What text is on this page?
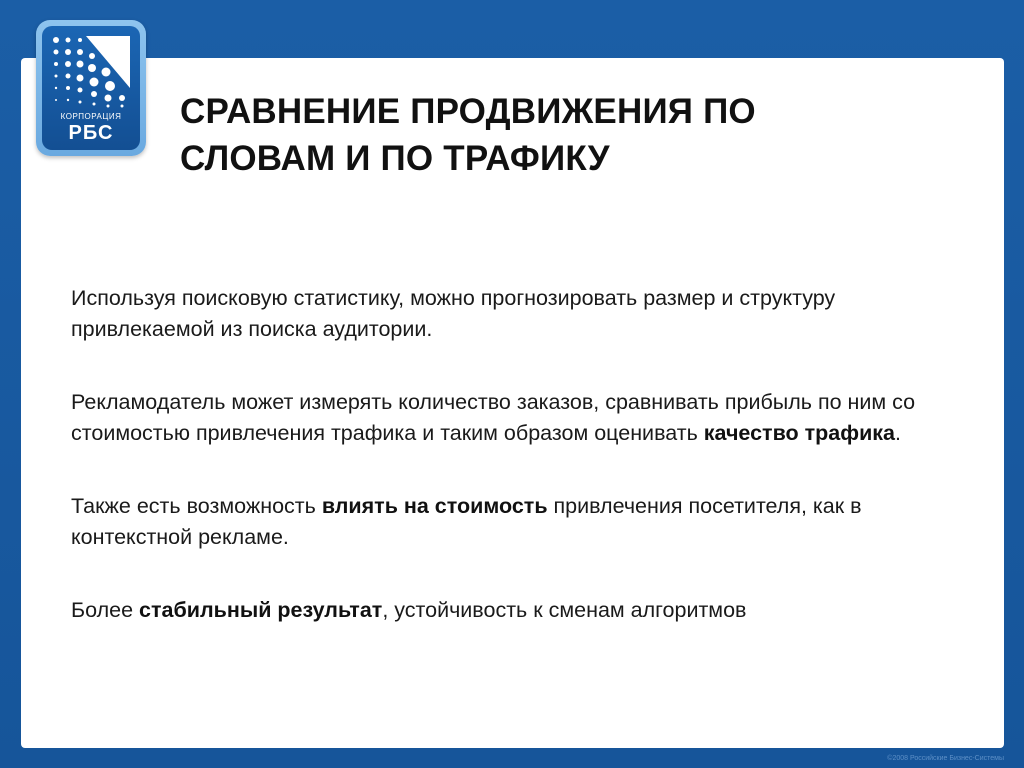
КОРПОРАЦИЯ
РБС
СРАВНЕНИЕ ПРОДВИЖЕНИЯ ПО
СЛОВАМ И ПО ТРАФИКУ

Используя поисковую статистику, можно прогнозировать размер и структуру привлекаемой из поиска аудитории.

Рекламодатель может измерять количество заказов, сравнивать прибыль по ним со стоимостью привлечения трафика и таким образом оценивать качество трафика.

Также есть возможность влиять на стоимость привлечения посетителя, как в контекстной рекламе.

Более стабильный результат, устойчивость к сменам алгоритмов

©2008 Российские Бизнес-Системы
